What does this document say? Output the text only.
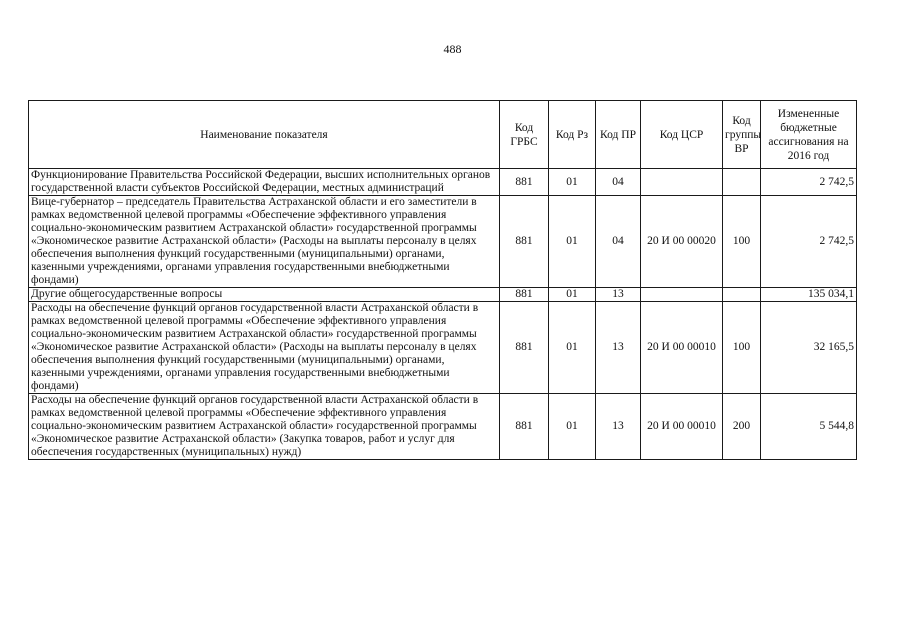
488
Наименование показателя	Код ГРБС	Код Рз	Код ПР	Код ЦСР	Код группы ВР	Измененные бюджетные ассигнования на 2016 год
Функционирование Правительства Российской Федерации, высших исполнительных органов государственной власти субъектов Российской Федерации, местных администраций	881	01	04			2 742,5
Вице-губернатор – председатель Правительства Астраханской области и его заместители в рамках ведомственной целевой программы «Обеспечение эффективного управления социально-экономическим развитием Астраханской области» государственной программы «Экономическое развитие Астраханской области» (Расходы на выплаты персоналу в целях обеспечения выполнения функций государственными (муниципальными) органами, казенными учреждениями, органами управления государственными внебюджетными фондами)	881	01	04	20 И 00 00020	100	2 742,5
Другие общегосударственные вопросы	881	01	13			135 034,1
Расходы на обеспечение функций органов государственной власти Астраханской области в рамках ведомственной целевой программы «Обеспечение эффективного управления социально-экономическим развитием Астраханской области» государственной программы «Экономическое развитие Астраханской области» (Расходы на выплаты персоналу в целях обеспечения выполнения функций государственными (муниципальными) органами, казенными учреждениями, органами управления государственными внебюджетными фондами)	881	01	13	20 И 00 00010	100	32 165,5
Расходы на обеспечение функций органов государственной власти Астраханской области в рамках ведомственной целевой программы «Обеспечение эффективного управления социально-экономическим развитием Астраханской области» государственной программы «Экономическое развитие Астраханской области» (Закупка товаров, работ и услуг для обеспечения государственных (муниципальных) нужд)	881	01	13	20 И 00 00010	200	5 544,8
